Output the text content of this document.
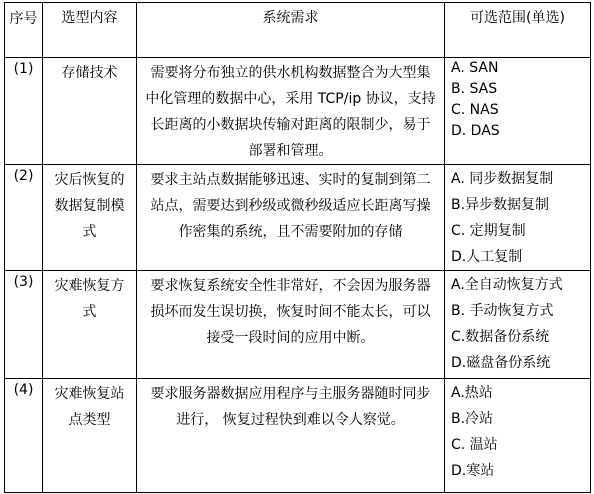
序号	选型内容	系统需求	可选范围(单选)
(1)	存储技术	需要将分布独立的供水机构数据整合为大型集中化管理的数据中心，采用 TCP/ip 协议，支持长距离的小数据块传输对距离的限制少，易于部署和管理。	A. SAN
B. SAS
C. NAS
D. DAS

(2)	灾后恢复的数据复制模式	要求主站点数据能够迅速、实时的复制到第二站点，需要达到秒级或微秒级适应长距离写操作密集的系统，且不需要附加的存储	A. 同步数据复制
B.异步数据复制
C. 定期复制
D.人工复制

(3)	灾难恢复方式	要求恢复系统安全性非常好，不会因为服务器损坏而发生误切换，恢复时间不能太长，可以接受一段时间的应用中断。	A.全自动恢复方式
B. 手动恢复方式
C.数据备份系统
D.磁盘备份系统

(4)	灾难恢复站点类型	要求服务器数据应用程序与主服务器随时同步进行， 恢复过程快到难以令人察觉。	A.热站
B.冷站
C. 温站
D.寒站
